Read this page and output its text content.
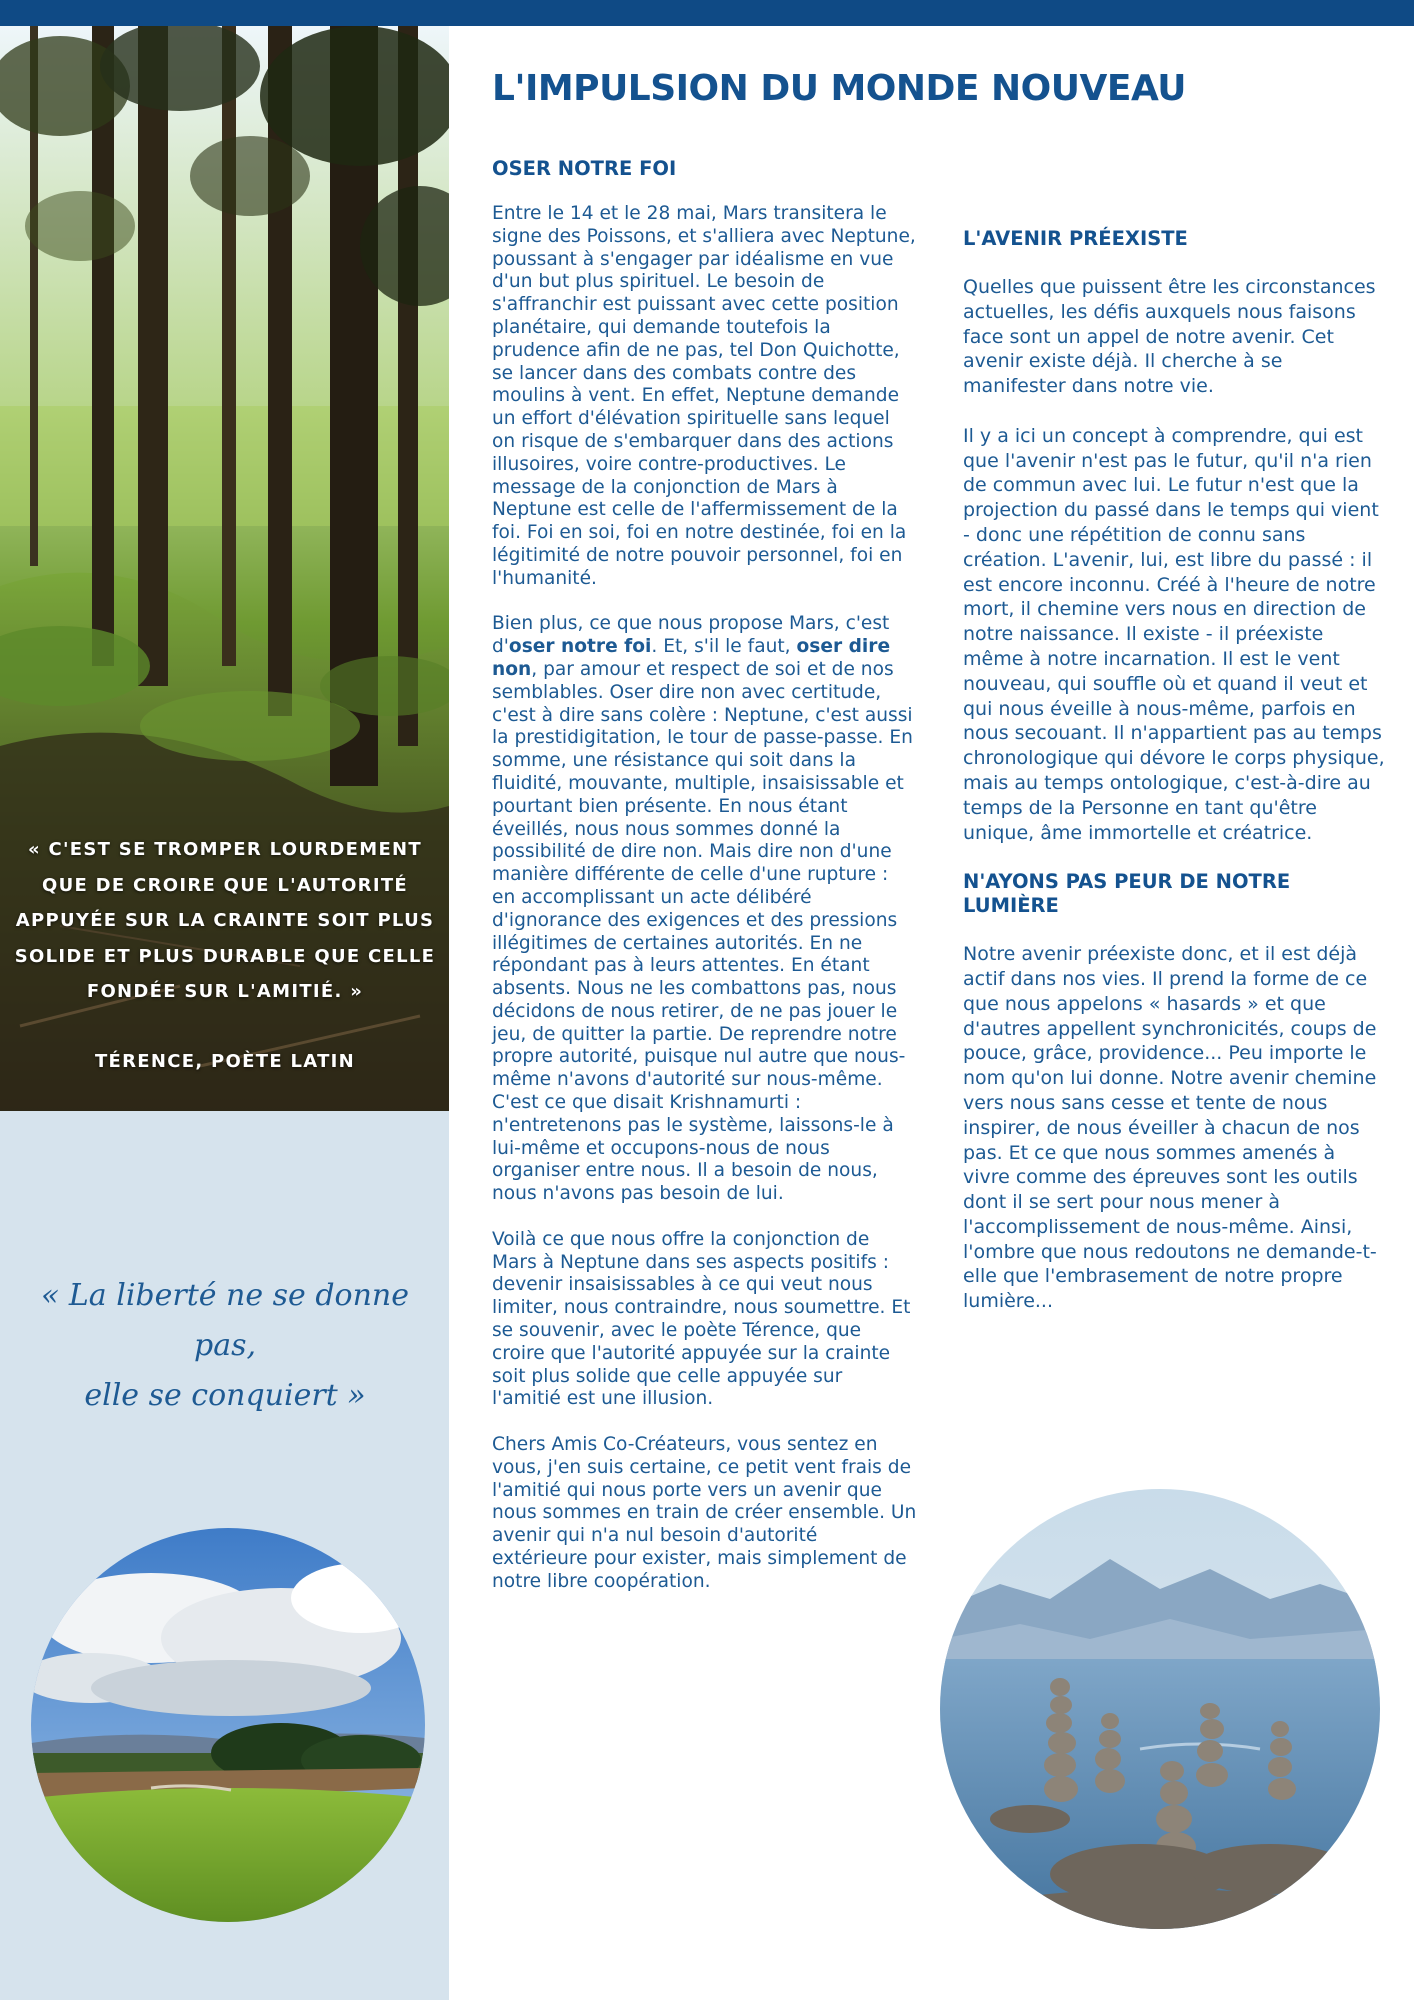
« C'EST SE TROMPER LOURDEMENT
QUE DE CROIRE QUE L'AUTORITÉ
APPUYÉE SUR LA CRAINTE SOIT PLUS
SOLIDE ET PLUS DURABLE QUE CELLE
FONDÉE SUR L'AMITIÉ. »
TÉRENCE, POÈTE LATIN
« La liberté ne se donne pas,
elle se conquiert »
L'IMPULSION DU MONDE NOUVEAU
OSER NOTRE FOI

Entre le 14 et le 28 mai, Mars transitera le signe des Poissons, et s'alliera avec Neptune, poussant à s'engager par idéalisme en vue d'un but plus spirituel. Le besoin de s'affranchir est puissant avec cette position planétaire, qui demande toutefois la prudence afin de ne pas, tel Don Quichotte, se lancer dans des combats contre des moulins à vent. En effet, Neptune demande un effort d'élévation spirituelle sans lequel on risque de s'embarquer dans des actions illusoires, voire contre-productives. Le message de la conjonction de Mars à Neptune est celle de l'affermissement de la foi. Foi en soi, foi en notre destinée, foi en la légitimité de notre pouvoir personnel, foi en l'humanité.

Bien plus, ce que nous propose Mars, c'est d'oser notre foi. Et, s'il le faut, oser dire non, par amour et respect de soi et de nos semblables. Oser dire non avec certitude, c'est à dire sans colère : Neptune, c'est aussi la prestidigitation, le tour de passe-passe. En somme, une résistance qui soit dans la fluidité, mouvante, multiple, insaisissable et pourtant bien présente. En nous étant éveillés, nous nous sommes donné la possibilité de dire non. Mais dire non d'une manière différente de celle d'une rupture : en accomplissant un acte délibéré d'ignorance des exigences et des pressions illégitimes de certaines autorités. En ne répondant pas à leurs attentes. En étant absents. Nous ne les combattons pas, nous décidons de nous retirer, de ne pas jouer le jeu, de quitter la partie. De reprendre notre propre autorité, puisque nul autre que nous-même n'avons d'autorité sur nous-même. C'est ce que disait Krishnamurti : n'entretenons pas le système, laissons-le à lui-même et occupons-nous de nous organiser entre nous. Il a besoin de nous, nous n'avons pas besoin de lui.

Voilà ce que nous offre la conjonction de Mars à Neptune dans ses aspects positifs : devenir insaisissables à ce qui veut nous limiter, nous contraindre, nous soumettre. Et se souvenir, avec le poète Térence, que croire que l'autorité appuyée sur la crainte soit plus solide que celle appuyée sur l'amitié est une illusion.

Chers Amis Co-Créateurs, vous sentez en vous, j'en suis certaine, ce petit vent frais de l'amitié qui nous porte vers un avenir que nous sommes en train de créer ensemble. Un avenir qui n'a nul besoin d'autorité extérieure pour exister, mais simplement de notre libre coopération.

L'AVENIR PRÉEXISTE

Quelles que puissent être les circonstances actuelles, les défis auxquels nous faisons face sont un appel de notre avenir. Cet avenir existe déjà. Il cherche à se manifester dans notre vie.

Il y a ici un concept à comprendre, qui est que l'avenir n'est pas le futur, qu'il n'a rien de commun avec lui. Le futur n'est que la projection du passé dans le temps qui vient - donc une répétition de connu sans création. L'avenir, lui, est libre du passé : il est encore inconnu. Créé à l'heure de notre mort, il chemine vers nous en direction de notre naissance. Il existe - il préexiste même à notre incarnation. Il est le vent nouveau, qui souffle où et quand il veut et qui nous éveille à nous-même, parfois en nous secouant. Il n'appartient pas au temps chronologique qui dévore le corps physique, mais au temps ontologique, c'est-à-dire au temps de la Personne en tant qu'être unique, âme immortelle et créatrice.

N'AYONS PAS PEUR DE NOTRE LUMIÈRE

Notre avenir préexiste donc, et il est déjà actif dans nos vies. Il prend la forme de ce que nous appelons « hasards » et que d'autres appellent synchronicités, coups de pouce, grâce, providence... Peu importe le nom qu'on lui donne. Notre avenir chemine vers nous sans cesse et tente de nous inspirer, de nous éveiller à chacun de nos pas. Et ce que nous sommes amenés à vivre comme des épreuves sont les outils dont il se sert pour nous mener à l'accomplissement de nous-même. Ainsi, l'ombre que nous redoutons ne demande-t-elle que l'embrasement de notre propre lumière...
